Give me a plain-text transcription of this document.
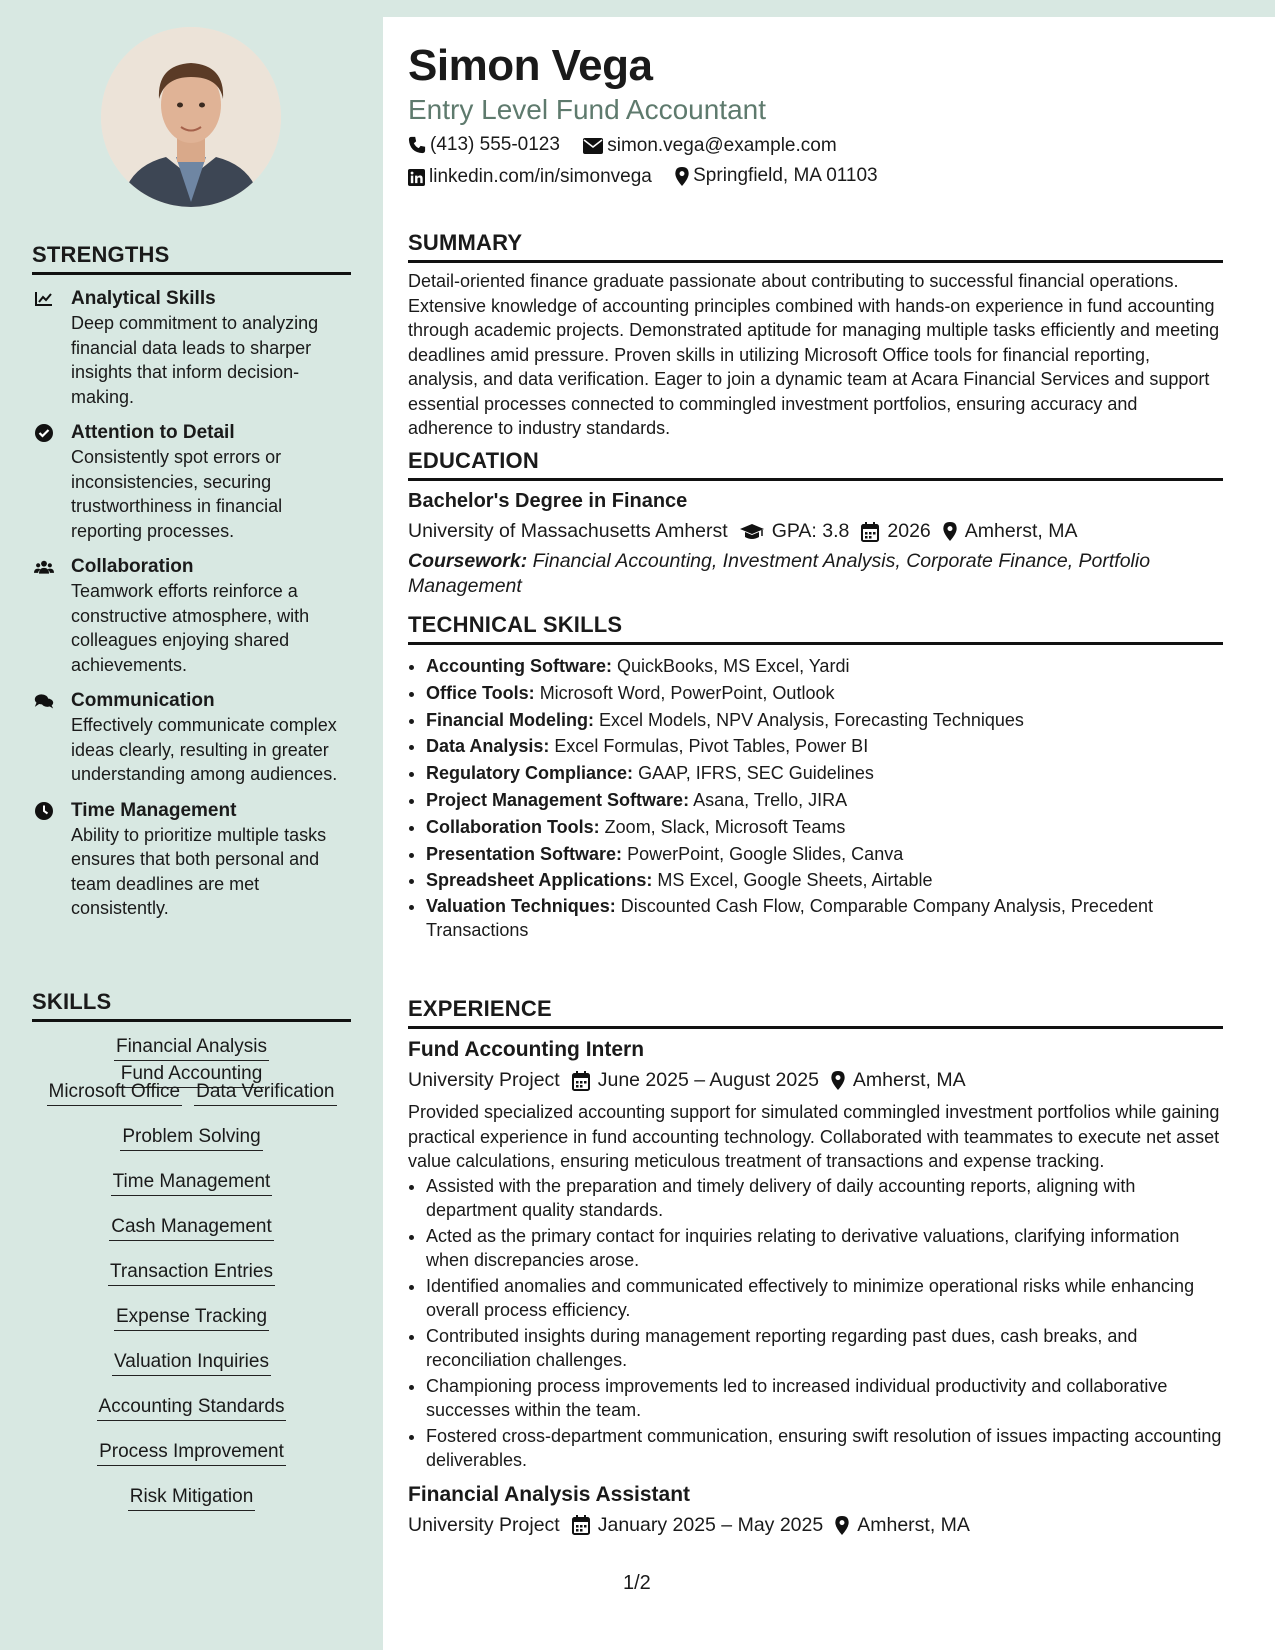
STRENGTHS
Analytical Skills
Deep commitment to analyzing financial data leads to sharper insights that inform decision-making.
Attention to Detail
Consistently spot errors or inconsistencies, securing trustworthiness in financial reporting processes.
Collaboration
Teamwork efforts reinforce a constructive atmosphere, with colleagues enjoying shared achievements.
Communication
Effectively communicate complex ideas clearly, resulting in greater understanding among audiences.
Time Management
Ability to prioritize multiple tasks ensures that both personal and team deadlines are met consistently.
SKILLS
Financial AnalysisFund Accounting
Microsoft Office Data Verification
Problem Solving
Time Management
Cash Management
Transaction Entries
Expense Tracking
Valuation Inquiries
Accounting Standards
Process Improvement
Risk Mitigation
Simon Vega
Entry Level Fund Accountant
(413) 555-0123
simon.vega@example.com
linkedin.com/in/simonvega
Springfield, MA 01103
SUMMARY

Detail-oriented finance graduate passionate about contributing to successful financial operations. Extensive knowledge of accounting principles combined with hands-on experience in fund accounting through academic projects. Demonstrated aptitude for managing multiple tasks efficiently and meeting deadlines amid pressure. Proven skills in utilizing Microsoft Office tools for financial reporting, analysis, and data verification. Eager to join a dynamic team at Acara Financial Services and support essential processes connected to commingled investment portfolios, ensuring accuracy and adherence to industry standards.

EDUCATION
Bachelor's Degree in Finance
University of Massachusetts Amherst GPA: 3.8 2026 Amherst, MA
Coursework: Financial Accounting, Investment Analysis, Corporate Finance, Portfolio Management
TECHNICAL SKILLS
• Accounting Software: QuickBooks, MS Excel, Yardi
• Office Tools: Microsoft Word, PowerPoint, Outlook
• Financial Modeling: Excel Models, NPV Analysis, Forecasting Techniques
• Data Analysis: Excel Formulas, Pivot Tables, Power BI
• Regulatory Compliance: GAAP, IFRS, SEC Guidelines
• Project Management Software: Asana, Trello, JIRA
• Collaboration Tools: Zoom, Slack, Microsoft Teams
• Presentation Software: PowerPoint, Google Slides, Canva
• Spreadsheet Applications: MS Excel, Google Sheets, Airtable
• Valuation Techniques: Discounted Cash Flow, Comparable Company Analysis, Precedent Transactions
EXPERIENCE
Fund Accounting Intern
University Project June 2025 – August 2025 Amherst, MA

Provided specialized accounting support for simulated commingled investment portfolios while gaining practical experience in fund accounting technology. Collaborated with teammates to execute net asset value calculations, ensuring meticulous treatment of transactions and expense tracking.

• Assisted with the preparation and timely delivery of daily accounting reports, aligning with department quality standards.
• Acted as the primary contact for inquiries relating to derivative valuations, clarifying information when discrepancies arose.
• Identified anomalies and communicated effectively to minimize operational risks while enhancing overall process efficiency.
• Contributed insights during management reporting regarding past dues, cash breaks, and reconciliation challenges.
• Championing process improvements led to increased individual productivity and collaborative successes within the team.
• Fostered cross-department communication, ensuring swift resolution of issues impacting accounting deliverables.
Financial Analysis Assistant
University Project January 2025 – May 2025 Amherst, MA
1/2
